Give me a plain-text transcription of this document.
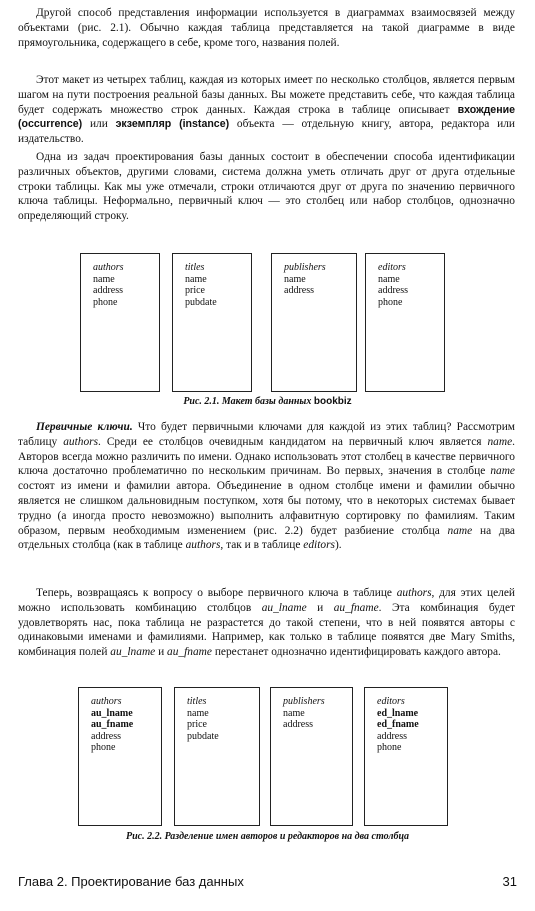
Другой способ представления информации используется в диаграммах взаимосвязей между объектами (рис. 2.1). Обычно каждая таблица представляется на такой диаграмме в виде прямоугольника, содержащего в себе, кроме того, названия полей.

Этот макет из четырех таблиц, каждая из которых имеет по несколько столбцов, является первым шагом на пути построения реальной базы данных. Вы можете представить себе, что каждая таблица будет содержать множество строк данных. Каждая строка в таблице описывает вхождение (occurrence) или экземпляр (instance) объекта — отдельную книгу, автора, редактора или издательство.

Одна из задач проектирования базы данных состоит в обеспечении способа идентификации различных объектов, другими словами, система должна уметь отличать друг от друга отдельные строки таблицы. Как мы уже отмечали, строки отличаются друг от друга по значению первичного ключа таблицы. Неформально, первичный ключ — это столбец или набор столбцов, однозначно определяющий строку.

authors
name
address
phone
titles
name
price
pubdate
publishers
name
address
editors
name
address
phone
Рис. 2.1. Макет базы данных bookbiz

Первичные ключи. Что будет первичными ключами для каждой из этих таблиц? Рассмотрим таблицу authors. Среди ее столбцов очевидным кандидатом на первичный ключ является name. Авторов всегда можно различить по имени. Однако использовать этот столбец в качестве первичного ключа достаточно проблематично по нескольким причинам. Во первых, значения в столбце name состоят из имени и фамилии автора. Объединение в одном столбце имени и фамилии обычно является не слишком дальновидным поступком, хотя бы потому, что в некоторых системах бывает трудно (а иногда просто невозможно) выполнить алфавитную сортировку по фамилиям. Таким образом, первым необходимым изменением (рис. 2.2) будет разбиение столбца name на два отдельных столбца (как в таблице authors, так и в таблице editors).

Теперь, возвращаясь к вопросу о выборе первичного ключа в таблице authors, для этих целей можно использовать комбинацию столбцов au_lname и au_fname. Эта комбинация будет удовлетворять нас, пока таблица не разрастется до такой степени, что в ней появятся авторы с одинаковыми именами и фамилиями. Например, как только в таблице появятся две Mary Smiths, комбинация полей au_lname и au_fname перестанет однозначно идентифицировать каждого автора.

authors
au_lname
au_fname
address
phone
titles
name
price
pubdate
publishers
name
address
editors
ed_lname
ed_fname
address
phone
Рис. 2.2. Разделение имен авторов и редакторов на два столбца
Глава 2. Проектирование баз данных	31
